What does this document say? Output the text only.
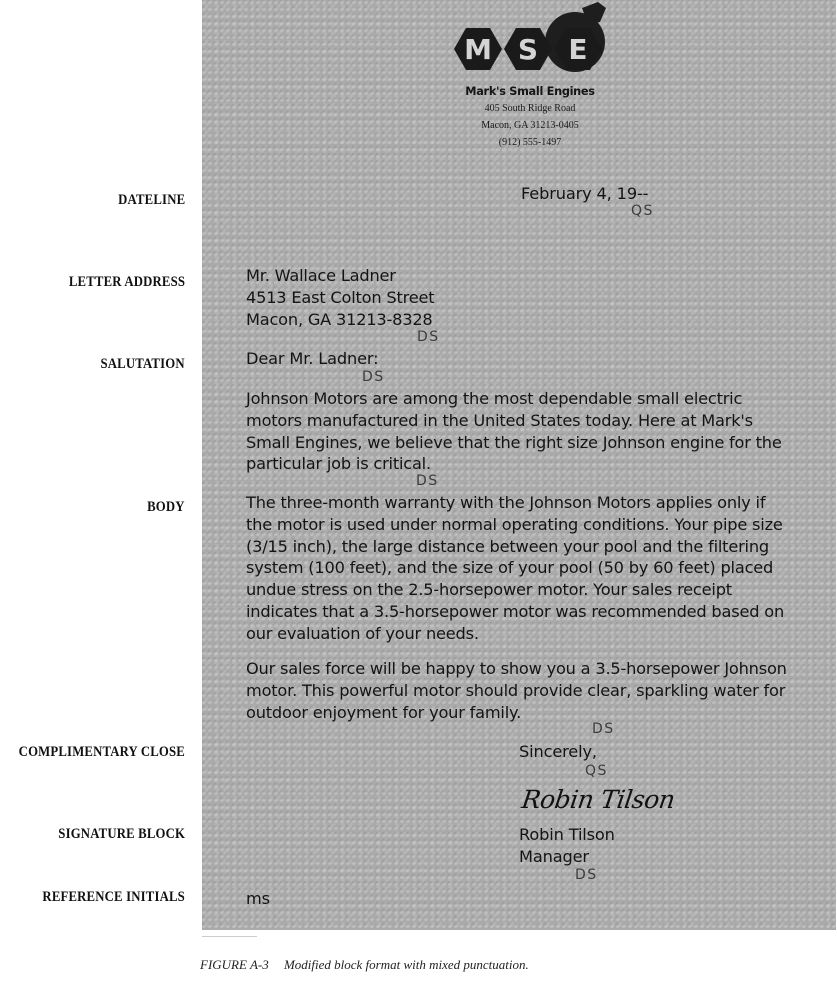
M S E
Mark's Small Engines
405 South Ridge Road
Macon, GA 31213-0405
(912) 555-1497
DATELINE
LETTER ADDRESS
SALUTATION
BODY
COMPLIMENTARY CLOSE
SIGNATURE BLOCK
REFERENCE INITIALS
February 4, 19--
QS
Mr. Wallace Ladner
4513 East Colton Street
Macon, GA 31213-8328
DS
Dear Mr. Ladner:
DS
Johnson Motors are among the most dependable small electric
motors manufactured in the United States today. Here at Mark's
Small Engines, we believe that the right size Johnson engine for the
particular job is critical.
DS
The three-month warranty with the Johnson Motors applies only if
the motor is used under normal operating conditions. Your pipe size
(3/15 inch), the large distance between your pool and the filtering
system (100 feet), and the size of your pool (50 by 60 feet) placed
undue stress on the 2.5-horsepower motor. Your sales receipt
indicates that a 3.5-horsepower motor was recommended based on
our evaluation of your needs.
Our sales force will be happy to show you a 3.5-horsepower Johnson
motor. This powerful motor should provide clear, sparkling water for
outdoor enjoyment for your family.
DS
Sincerely,
QS
Robin Tilson
Robin Tilson
Manager
DS
ms
FIGURE A-3 Modified block format with mixed punctuation.
